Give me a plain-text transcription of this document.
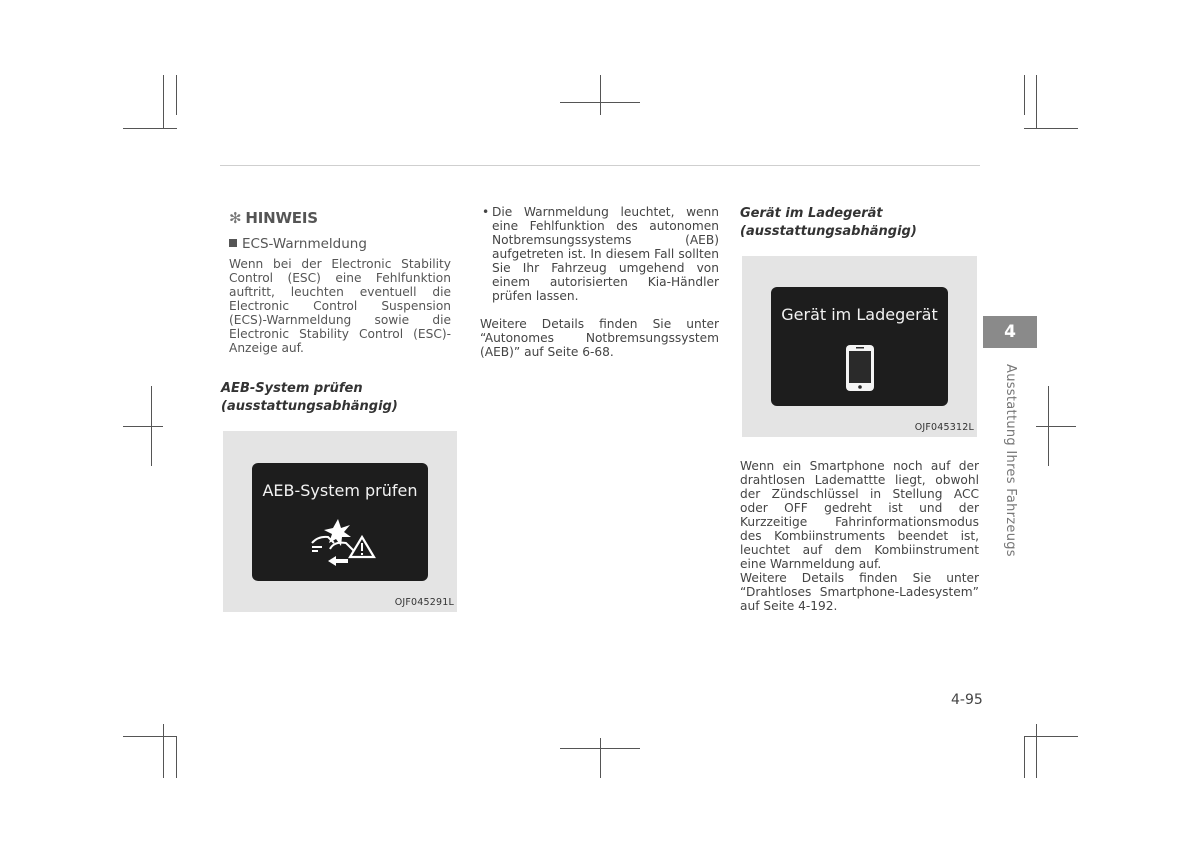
✻ HINWEIS
ECS-Warnmeldung
Wenn bei der Electronic Stability Control (ESC) eine Fehlfunktion auftritt, leuchten eventuell die Electronic Control Suspension (ECS)-Warnmeldung sowie die Electronic Stability Control (ESC)-Anzeige auf.
AEB-System prüfen
(ausstattungsabhängig)
AEB-System prüfen
OJF045291L
• Die Warnmeldung leuchtet, wenn eine Fehlfunktion des autonomen Notbremsungssystems (AEB) aufgetreten ist. In diesem Fall sollten Sie Ihr Fahrzeug umgehend von einem autorisierten Kia-Händler prüfen lassen.
Weitere Details finden Sie unter “Autonomes Notbremsungssystem (AEB)” auf Seite 6-68.
Gerät im Ladegerät
(ausstattungsabhängig)
Gerät im Ladegerät
OJF045312L
Wenn ein Smartphone noch auf der drahtlosen Lademattte liegt, obwohl der Zündschlüssel in Stellung ACC oder OFF gedreht ist und der Kurzzeitige Fahrinformationsmodus des Kombiinstruments beendet ist, leuchtet auf dem Kombiinstrument eine Warnmeldung auf.
Weitere Details finden Sie unter “Drahtloses Smartphone-Ladesystem” auf Seite 4-192.
4
Ausstattung Ihres Fahrzeugs
4-95
